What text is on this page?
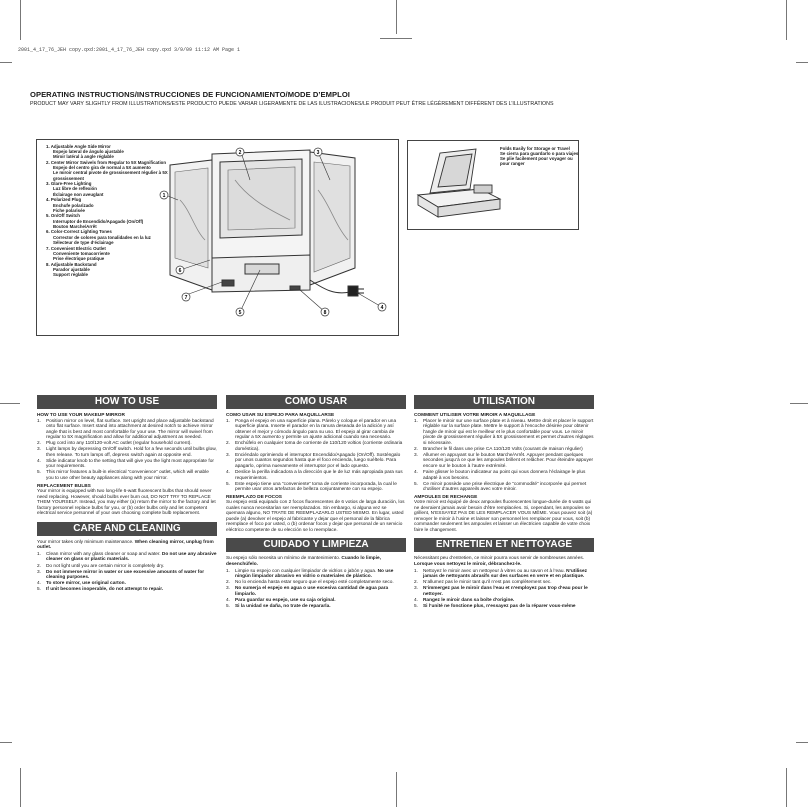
2001_4_17_76_JEH copy.qxd:2001_4_17_76_JEH copy.qxd 3/9/09 11:12 AM Page 1
OPERATING INSTRUCTIONS/INSTRUCCIONES DE FUNCIONAMIENTO/MODE D’EMPLOI
PRODUCT MAY VARY SLIGHTLY FROM ILLUSTRATIONS/ESTE PRODUCTO PUEDE VARIAR LIGERAMENTE DE LAS ILUSTRACIONES/LE PRODUIT PEUT ÊTRE LÉGÈREMENT DIFFÉRENT DES L’ILLUSTRATIONS
1. Adjustable Angle Side Mirror
Espejo lateral de ángulo ajustable
Miroir latéral à angle réglable
2. Center Mirror Swivels from Regular to 5X Magnification
Espejo del centro gira de normal a 5X aumento
Le miroir central pivote de grossissement régulier à 5X grossissement
3. Glare-Free Lighting
Luz libre de reflexión
Éclairage non aveuglant
4. Polarized Plug
Enchufe polarizado
Fiche polarisée
5. On/Off Switch
Interruptor de Encendido/Apagado (On/Off)
Bouton Marche/Arrêt
6. Color-Correct Lighting Tones
Corrector de colores para tonalidades en la luz
Sélecteur de type d’éclairage
7. Convenient Electric Outlet
Conveniente tomacorriente
Prise électrique pratique
8. Adjustable Backstand
Parador ajustable
Support réglable
1
2	3
4
5
6
7
8
Folds Easily for Storage or Travel
Se cierra para guardarlo o para viajes
Se plie facilement pour voyager ou pour ranger
HOW TO USE
HOW TO USE YOUR MAKEUP MIRROR
1. Position mirror on level, flat surface. Set upright and place adjustable backstand onto flat surface. Insert stand into attachment at desired notch to achieve mirror angle that is best and most comfortable for your use. The mirror will swivel from regular to 5X magnification and allow for additional adjustment as needed.
2. Plug cord into any 110/120-volt AC outlet (regular household current).
3. Light lamps by depressing On/Off switch. Hold for a few seconds until bulbs glow, then release. To turn lamps off, depress switch again at opposite end.
4. Slide indicator knob to the setting that will give you the light most appropriate for your requirements.
5. This mirror features a built-in electrical “convenience” outlet, which will enable you to use other beauty appliances along with your mirror.
REPLACEMENT BULBS
Your mirror is equipped with two long-life 6-watt fluorescent bulbs that should never need replacing. However, should bulbs ever burn out, DO NOT TRY TO REPLACE THEM YOURSELF. Instead, you may either (a) return the mirror to the factory and let factory personnel replace bulbs for you, or (b) order bulbs only and let competent electrical service personnel of your own choosing complete bulb replacement.
CARE AND CLEANING
Your mirror takes only minimum maintenance. When cleaning mirror, unplug from outlet.
1. Clean mirror with any glass cleaner or soap and water. Do not use any abrasive cleaner on glass or plastic materials.
2. Do not light until you are certain mirror is completely dry.
3. Do not immerse mirror in water or use excessive amounts of water for cleaning purposes.
4. To store mirror, use original carton.
5. If unit becomes inoperable, do not attempt to repair.
COMO USAR
COMO USAR SU ESPEJO PARA MAQUILLARSE
1. Ponga el espejo en una superficie plana. Párelo y coloque el parador en una superficie plana. Inserte el parador en la ranura deseada de la adición y así obtener el mejor y cómodo ángulo para su uso. El espejo al girar cambia de regular a 5X aumento y permite un ajuste adicional cuando sea necesario.
2. Enchúfelo en cualquier toma de corriente de 110/120 voltios (corriente ordinaria doméstica).
3. Enciéndalo oprimiendo el interruptor Encendido/Apagado (On/Off). Sosténgalo por unos cuantos segundos hasta que el foco encienda, luego suéltelo. Para apagarlo, oprima nuevamente el interruptor por el lado opuesto.
4. Deslice la perilla indicadora a la dirección que le de luz más apropiada para sus requerimientos.
5. Este espejo tiene una “conveniente” toma de corriente incorporada, la cual le permite usar otros artefactos de belleza conjuntamente con su espejo.
REEMPLAZO DE FOCOS
Su espejo está equipado con 2 focos fluorescentes de 6 votios de larga duración, los cuales nunca necesitarían ser reemplazados. Sin embargo, si alguna vez se quemara alguno, NO TRATE DE REEMPLAZARLO USTED MISMO. En lugar, usted puede (a) devolver el espejo al fabricante y dejar que el personal de la fábrica reemplace el foco por usted, o (b) ordenar focos y dejar que personal de un servicio eléctrico competente de su elección se lo reemplace.
CUIDADO Y LIMPIEZA
Su espejo sólo necesita un mínimo de mantenimiento. Cuando lo limpie, desenchúfelo.
1. Limpie su espejo con cualquier limpiador de vidrios o jabón y agua. No use ningún limpiador abrasivo en vidrio o materiales de plástico.
2. No lo encienda hasta estar seguro que el espejo esté completamente seco.
3. No sumerja el espejo en agua o use excesiva cantidad de agua para limpiarlo.
4. Para guardar su espejo, use su caja original.
5. Si la unidad se daña, no trate de repararla.
UTILISATION
COMMENT UTILISER VOTRE MIROIR A MAQUILLAGE
1. Placer le miroir sur une surface plate et à niveau. Mettre droit et placer le support réglable sur la surface plate. Mettre le support à l’encoche désirée pour obtenir l’angle de miroir qui est le meilleur et le plus confortable pour vous. Le miroir pivote de grossissement régulier à 5X grossissement et permet d’autres réglages si nécessaire.
2. Brancher le fil dans une prise CA 110/120 Volts (courant de maison régulier)
3. Allumer en appuyant sur le bouton Marche/Arrêt. Appuyer pendant quelques secondes jusqu’à ce que les ampoules brillent et relâcher. Pour éteindre appuyer encore sur le bouton à l’autre extrémité.
4. Faire glisser le bouton indicateur au point qui vous donnera l’éclairage le plus adapté à vos besoins.
5. Ce miroir possède une prise électrique de “commodité” incorporée qui permet d’utiliser d’autres appareils avec votre miroir.
AMPOULES DE RECHANGE
Votre miroir est équipé de deux ampoules fluorescentes longue-durée de 6 watts qui ne devraient jamais avoir besoin d’être remplacées. Si, cependant, les ampoules se grillent, N’ESSAYEZ PAS DE LES REMPLACER VOUS MÊME. Vous pouvez soit (a) renvoyer le miroir à l’usine et laisser son personnel les remplacer pour vous, soit (b) commander seulement les ampoules et laisser un électricien capable de votre choix faire le changement.
ENTRETIEN ET NETTOYAGE
Nécessitant peu d’entretien, ce miroir pourra vous servir de nombreuses années. Lorsque vous nettoyez le miroir, débranchez-le.
1. Nettoyez le miroir avec un nettoyeur à vitres ou au savon et à l’eau. N’utilisez jamais de nettoyants abrasifs sur des surfaces en verre et en plastique.
2. N’allumez pas le miroir tant qu’il n’est pas complètement sec.
3. N’immergez pas le miroir dans l’eau et n’employez pas trop d’eau pour le nettoyer.
4. Rangez le miroir dans sa boîte d’origine.
5. Si l’unité ne fonctione plus, n’essayez pas de la réparer vous-même
